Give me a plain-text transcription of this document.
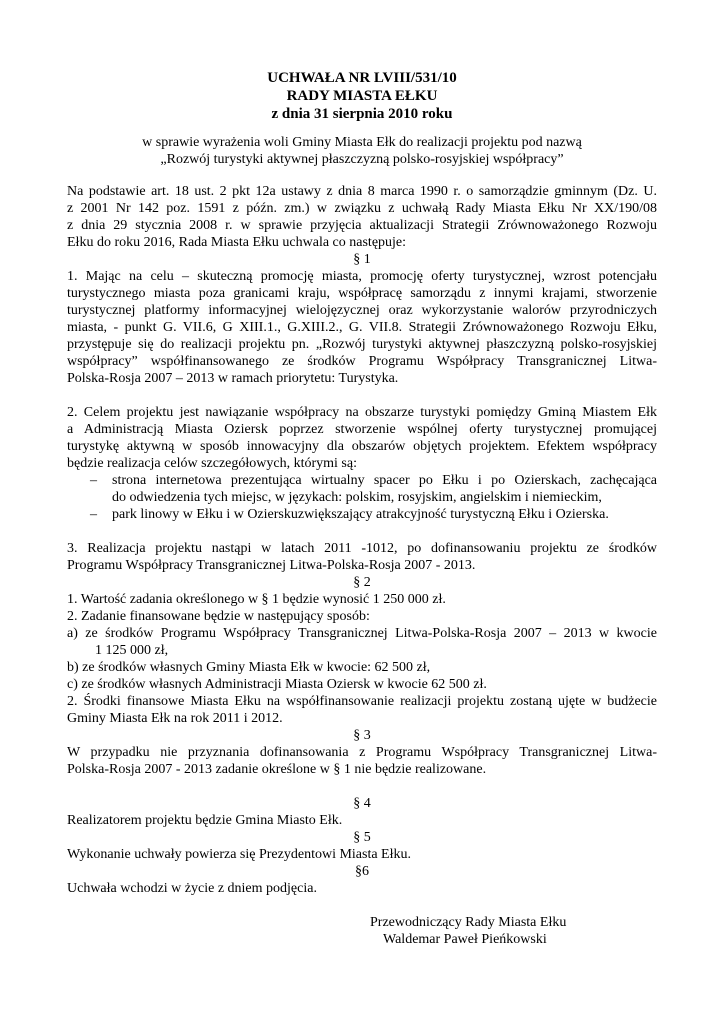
UCHWAŁA NR LVIII/531/10
RADY MIASTA EŁKU
z dnia 31 sierpnia 2010 roku
w sprawie wyrażenia woli Gminy Miasta Ełk do realizacji projektu pod nazwą
„Rozwój turystyki aktywnej płaszczyzną polsko-rosyjskiej współpracy”
Na podstawie art. 18 ust. 2 pkt 12a ustawy z dnia 8 marca 1990 r. o samorządzie gminnym (Dz. U.
z 2001 Nr 142 poz. 1591 z późn. zm.) w związku z uchwałą Rady Miasta Ełku Nr XX/190/08
z dnia 29 stycznia 2008 r. w sprawie przyjęcia aktualizacji Strategii Zrównoważonego Rozwoju
Ełku do roku 2016, Rada Miasta Ełku uchwala co następuje:
§ 1
1. Mając na celu – skuteczną promocję miasta, promocję oferty turystycznej, wzrost potencjału
turystycznego miasta poza granicami kraju, współpracę samorządu z innymi krajami, stworzenie
turystycznej platformy informacyjnej wielojęzycznej oraz wykorzystanie walorów przyrodniczych
miasta, - punkt G. VII.6, G XIII.1., G.XIII.2., G. VII.8. Strategii Zrównoważonego Rozwoju Ełku,
przystępuje się do realizacji projektu pn. „Rozwój turystyki aktywnej płaszczyzną polsko-rosyjskiej
współpracy” współfinansowanego ze środków Programu Współpracy Transgranicznej Litwa-
Polska-Rosja 2007 – 2013 w ramach priorytetu: Turystyka.
2. Celem projektu jest nawiązanie współpracy na obszarze turystyki pomiędzy Gminą Miastem Ełk
a Administracją Miasta Oziersk poprzez stworzenie wspólnej oferty turystycznej promującej
turystykę aktywną w sposób innowacyjny dla obszarów objętych projektem. Efektem współpracy
będzie realizacja celów szczegółowych, którymi są:
– strona internetowa prezentująca wirtualny spacer po Ełku i po Ozierskach, zachęcająca
do odwiedzenia tych miejsc, w językach: polskim, rosyjskim, angielskim i niemieckim,
– park linowy w Ełku i w Ozierskuzwiększający atrakcyjność turystyczną Ełku i Ozierska.
3. Realizacja projektu nastąpi w latach 2011 -1012, po dofinansowaniu projektu ze środków
Programu Współpracy Transgranicznej Litwa-Polska-Rosja 2007 - 2013.
§ 2
1. Wartość zadania określonego w § 1 będzie wynosić 1 250 000 zł.
2. Zadanie finansowane będzie w następujący sposób:
a) ze środków Programu Współpracy Transgranicznej Litwa-Polska-Rosja 2007 – 2013 w kwocie
1 125 000 zł,
b) ze środków własnych Gminy Miasta Ełk w kwocie: 62 500 zł,
c) ze środków własnych Administracji Miasta Oziersk w kwocie 62 500 zł.
2. Środki finansowe Miasta Ełku na współfinansowanie realizacji projektu zostaną ujęte w budżecie
Gminy Miasta Ełk na rok 2011 i 2012.
§ 3
W przypadku nie przyznania dofinansowania z Programu Współpracy Transgranicznej Litwa-
Polska-Rosja 2007 - 2013 zadanie określone w § 1 nie będzie realizowane.
§ 4
Realizatorem projektu będzie Gmina Miasto Ełk.
§ 5
Wykonanie uchwały powierza się Prezydentowi Miasta Ełku.
§6
Uchwała wchodzi w życie z dniem podjęcia.
Przewodniczący Rady Miasta Ełku
Waldemar Paweł Pieńkowski
